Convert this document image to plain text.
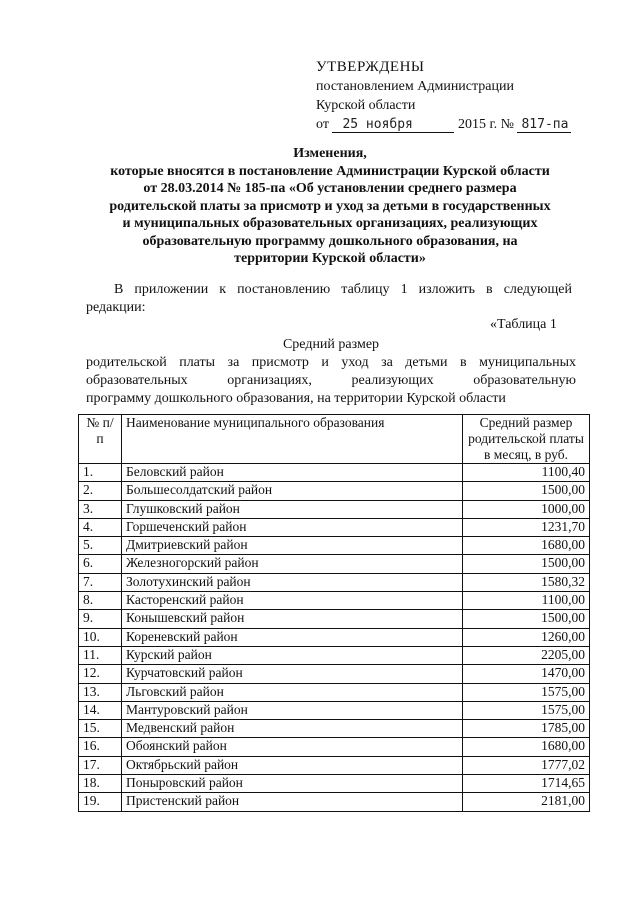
УТВЕРЖДЕНЫ
постановлением Администрации
Курской области
от 25 ноября	2015 г. № 817-па
Изменения,
которые вносятся в постановление Администрации Курской области
от 28.03.2014 № 185-па «Об установлении среднего размера
родительской платы за присмотр и уход за детьми в государственных
и муниципальных образовательных организациях, реализующих
образовательную программу дошкольного образования, на
территории Курской области»
В приложении к постановлению таблицу 1 изложить в следующей редакции:
«Таблица 1
Средний размер
родительской платы за присмотр и уход за детьми в муниципальных
образовательных организациях, реализующих образовательную
программу дошкольного образования, на территории Курской области
№ п/п	Наименование муниципального образования	Средний размер родительской платы в месяц, в руб.
1.	Беловский район	1100,40
2.	Большесолдатский район	1500,00
3.	Глушковский район	1000,00
4.	Горшеченский район	1231,70
5.	Дмитриевский район	1680,00
6.	Железногорский район	1500,00
7.	Золотухинский район	1580,32
8.	Касторенский район	1100,00
9.	Конышевский район	1500,00
10.	Кореневский район	1260,00
11.	Курский район	2205,00
12.	Курчатовский район	1470,00
13.	Льговский район	1575,00
14.	Мантуровский район	1575,00
15.	Медвенский район	1785,00
16.	Обоянский район	1680,00
17.	Октябрьский район	1777,02
18.	Поныровский район	1714,65
19.	Пристенский район	2181,00
